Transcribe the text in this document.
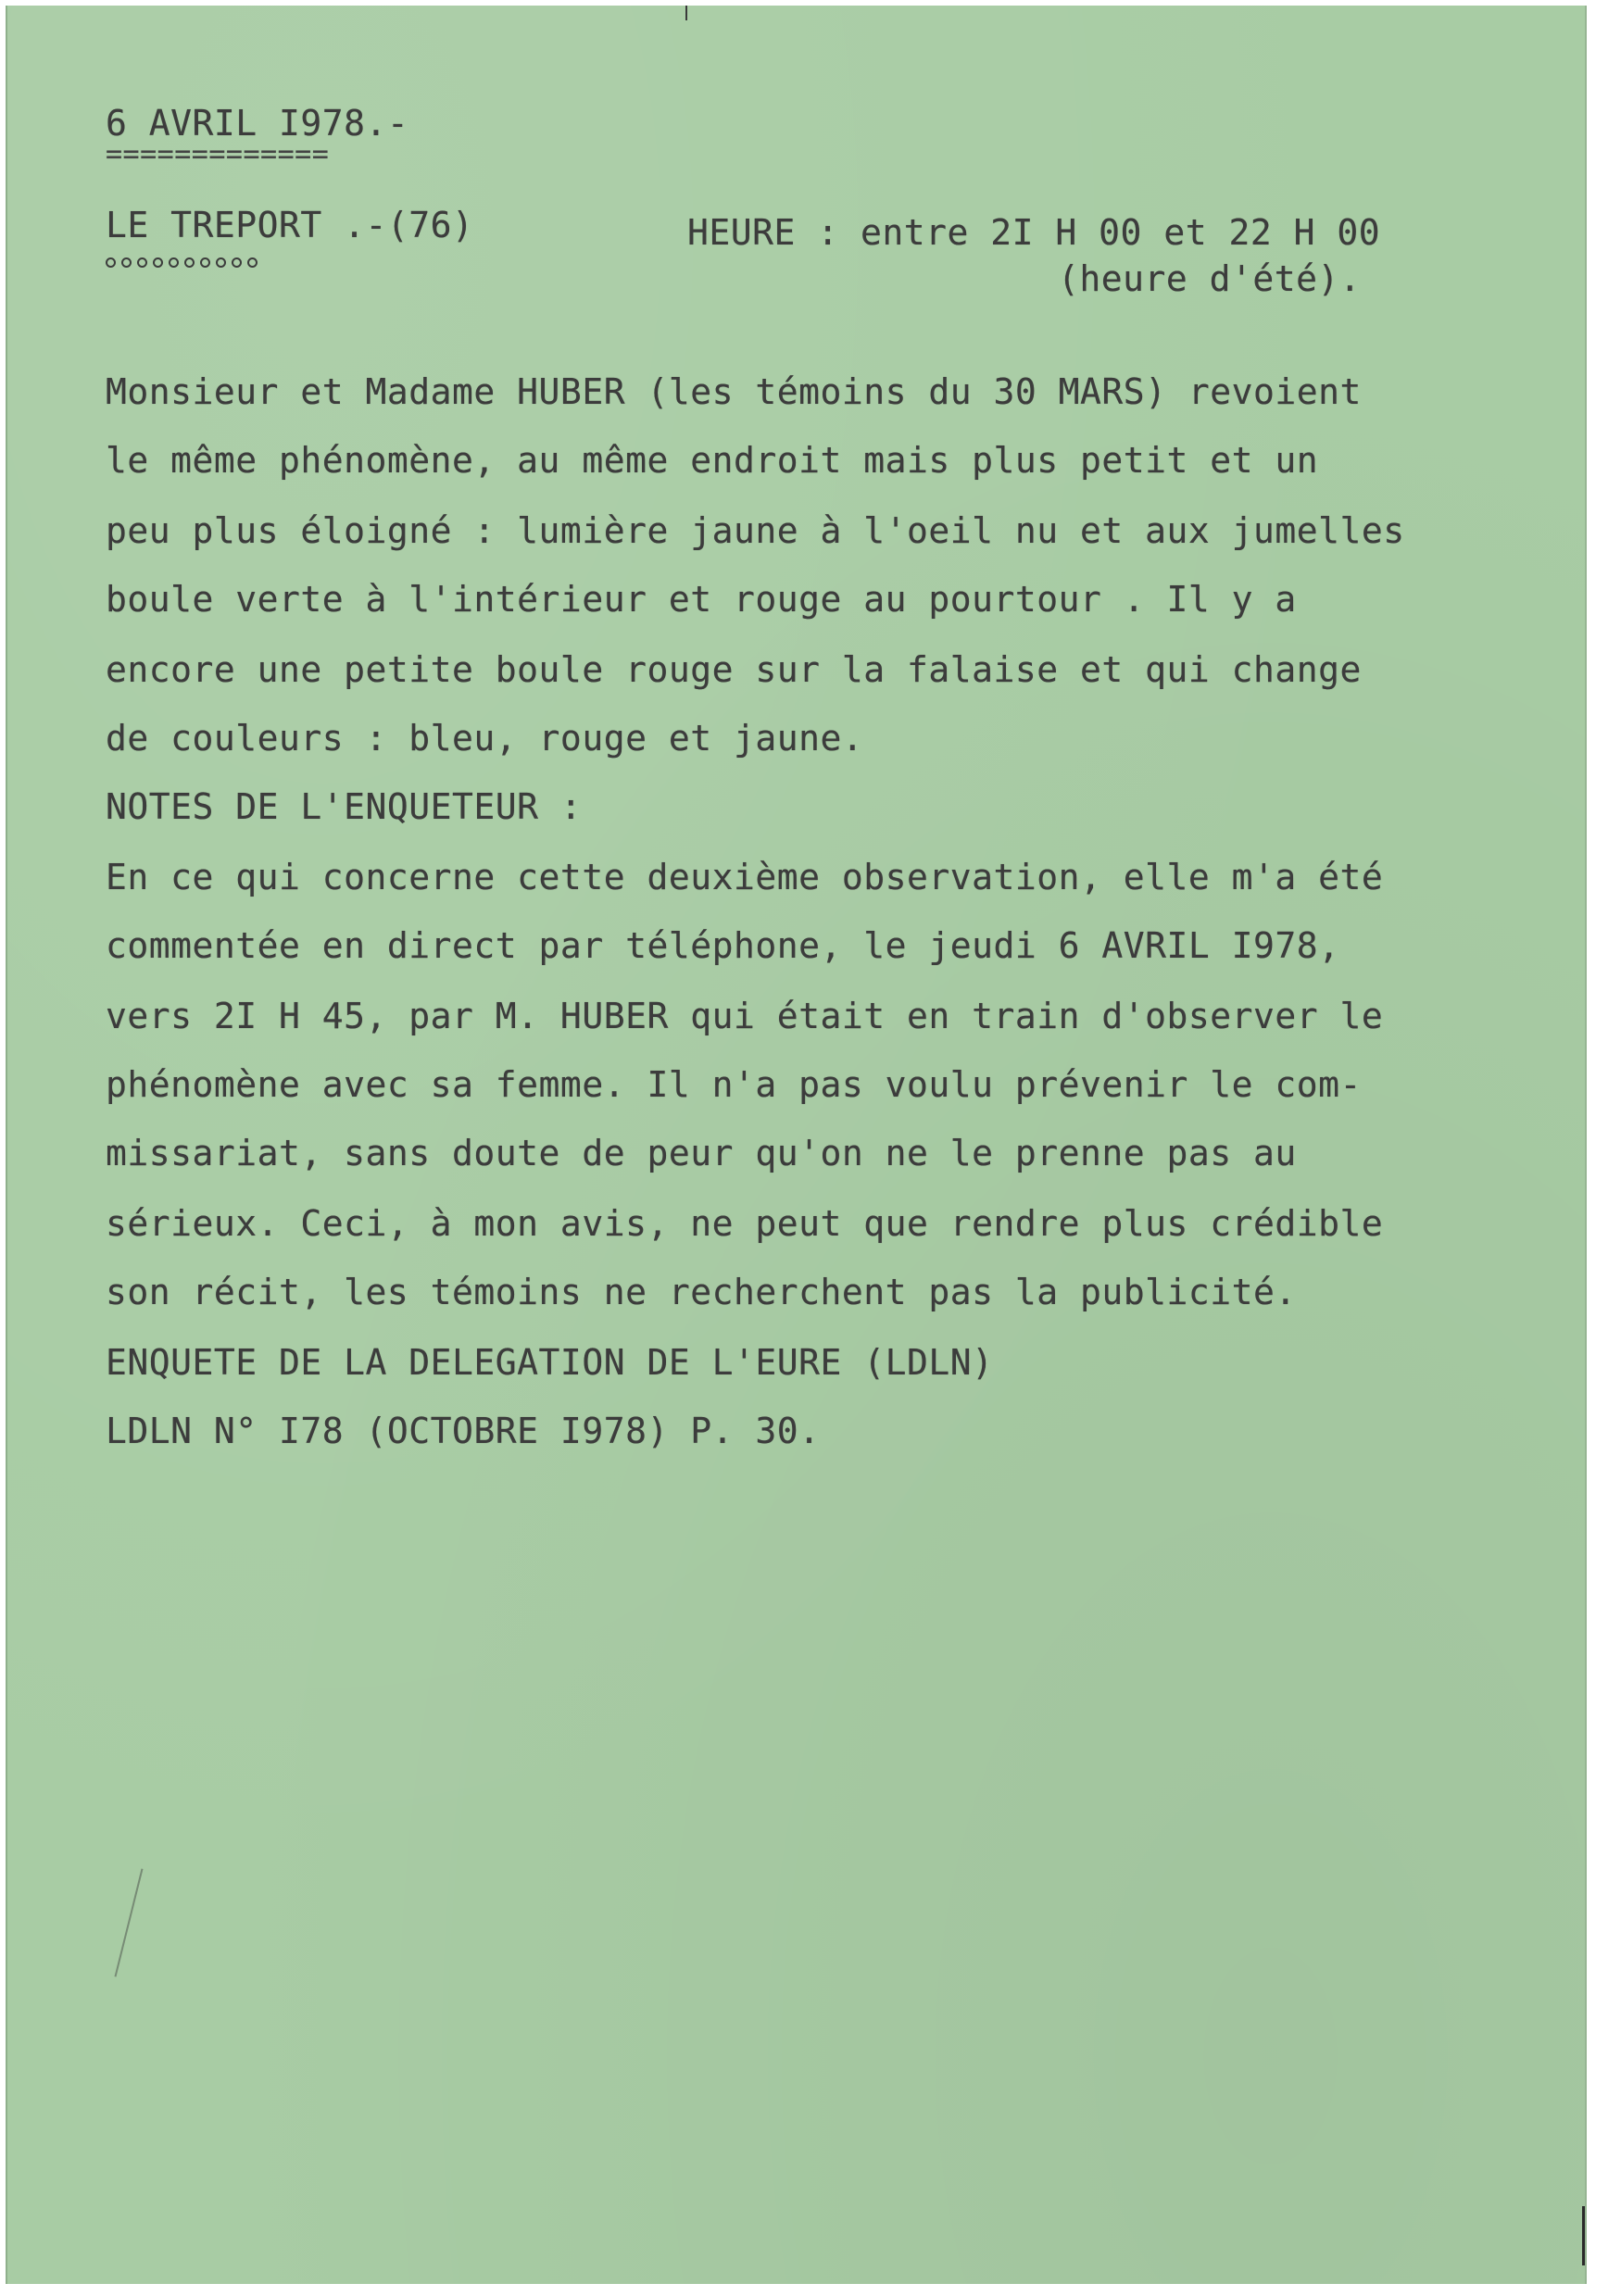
6 AVRIL I978.-
=============
LE TREPORT .-(76)	HEURE : entre 2I H 00 et 22 H 00
(heure d'été).
Monsieur et Madame HUBER (les témoins du 30 MARS) revoient
le même phénomène, au même endroit mais plus petit et un
peu plus éloigné : lumière jaune à l'oeil nu et aux jumelles
boule verte à l'intérieur et rouge au pourtour . Il y a
encore une petite boule rouge sur la falaise et qui change
de couleurs : bleu, rouge et jaune.
NOTES DE L'ENQUETEUR :
En ce qui concerne cette deuxième observation, elle m'a été
commentée en direct par téléphone, le jeudi 6 AVRIL I978,
vers 2I H 45, par M. HUBER qui était en train d'observer le
phénomène avec sa femme. Il n'a pas voulu prévenir le com-
missariat, sans doute de peur qu'on ne le prenne pas au
sérieux. Ceci, à mon avis, ne peut que rendre plus crédible
son récit, les témoins ne recherchent pas la publicité.
ENQUETE DE LA DELEGATION DE L'EURE (LDLN)
LDLN N° I78 (OCTOBRE I978) P. 30.
